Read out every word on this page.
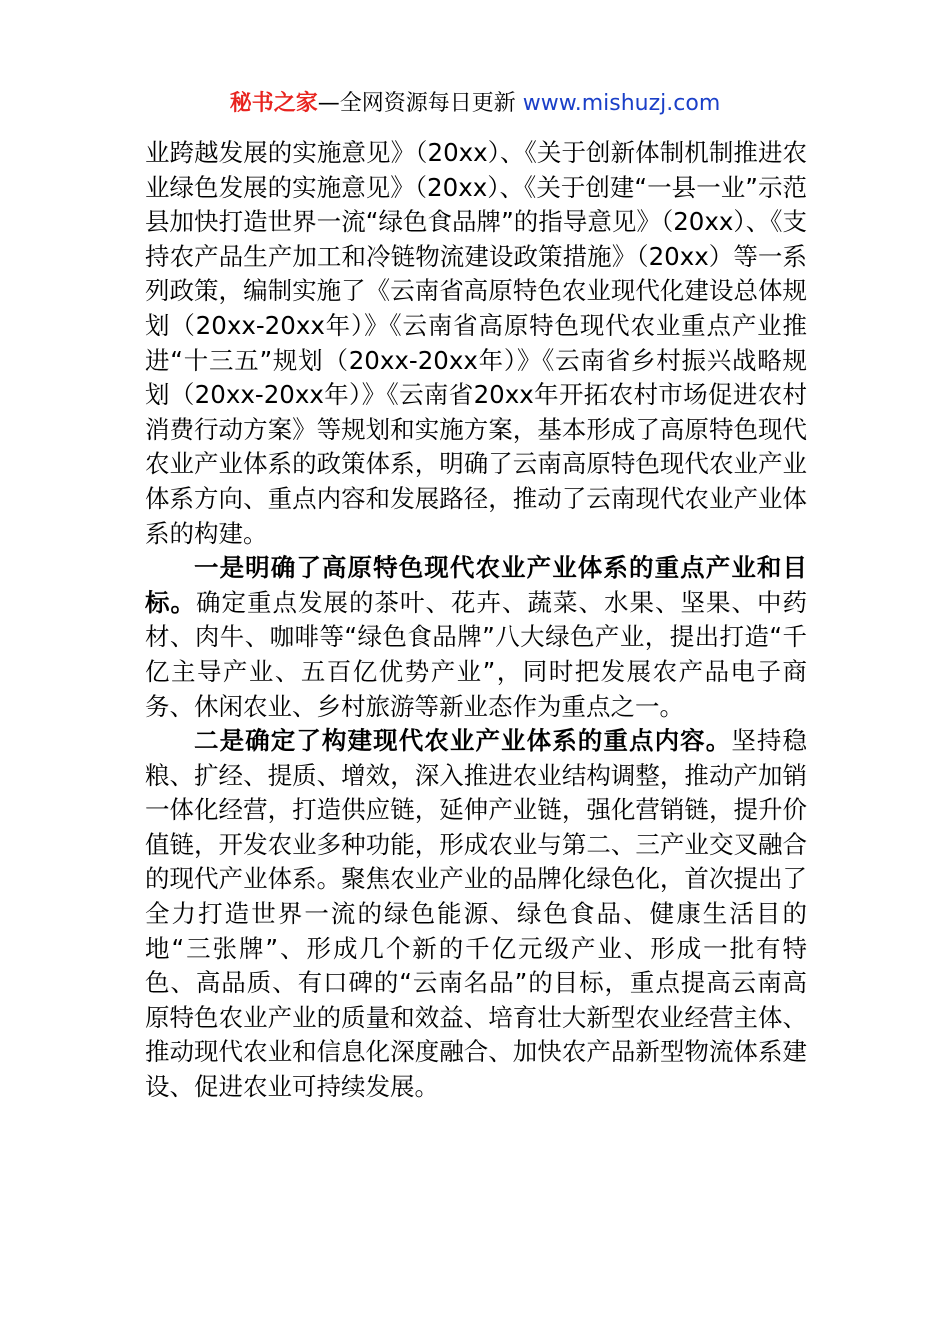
秘书之家—全网资源每日更新 www.mishuzj.com

业跨越发展的实施意见》（20xx）、《关于创新体制机制推进农业绿色发展的实施意见》（20xx）、《关于创建“一县一业”示范县加快打造世界一流“绿色食品牌”的指导意见》（20xx）、《支持农产品生产加工和冷链物流建设政策措施》（20xx）等一系列政策，编制实施了《云南省高原特色农业现代化建设总体规划（20xx-20xx年）》《云南省高原特色现代农业重点产业推进“十三五”规划（20xx-20xx年）》《云南省乡村振兴战略规划（20xx-20xx年）》《云南省20xx年开拓农村市场促进农村消费行动方案》等规划和实施方案，基本形成了高原特色现代农业产业体系的政策体系，明确了云南高原特色现代农业产业体系方向、重点内容和发展路径，推动了云南现代农业产业体系的构建。

一是明确了高原特色现代农业产业体系的重点产业和目标。确定重点发展的茶叶、花卉、蔬菜、水果、坚果、中药材、肉牛、咖啡等“绿色食品牌”八大绿色产业，提出打造“千亿主导产业、五百亿优势产业”，同时把发展农产品电子商务、休闲农业、乡村旅游等新业态作为重点之一。

二是确定了构建现代农业产业体系的重点内容。坚持稳粮、扩经、提质、增效，深入推进农业结构调整，推动产加销一体化经营，打造供应链，延伸产业链，强化营销链，提升价值链，开发农业多种功能，形成农业与第二、三产业交叉融合的现代产业体系。聚焦农业产业的品牌化绿色化，首次提出了全力打造世界一流的绿色能源、绿色食品、健康生活目的地“三张牌”、形成几个新的千亿元级产业、形成一批有特色、高品质、有口碑的“云南名品”的目标，重点提高云南高原特色农业产业的质量和效益、培育壮大新型农业经营主体、推动现代农业和信息化深度融合、加快农产品新型物流体系建设、促进农业可持续发展。
